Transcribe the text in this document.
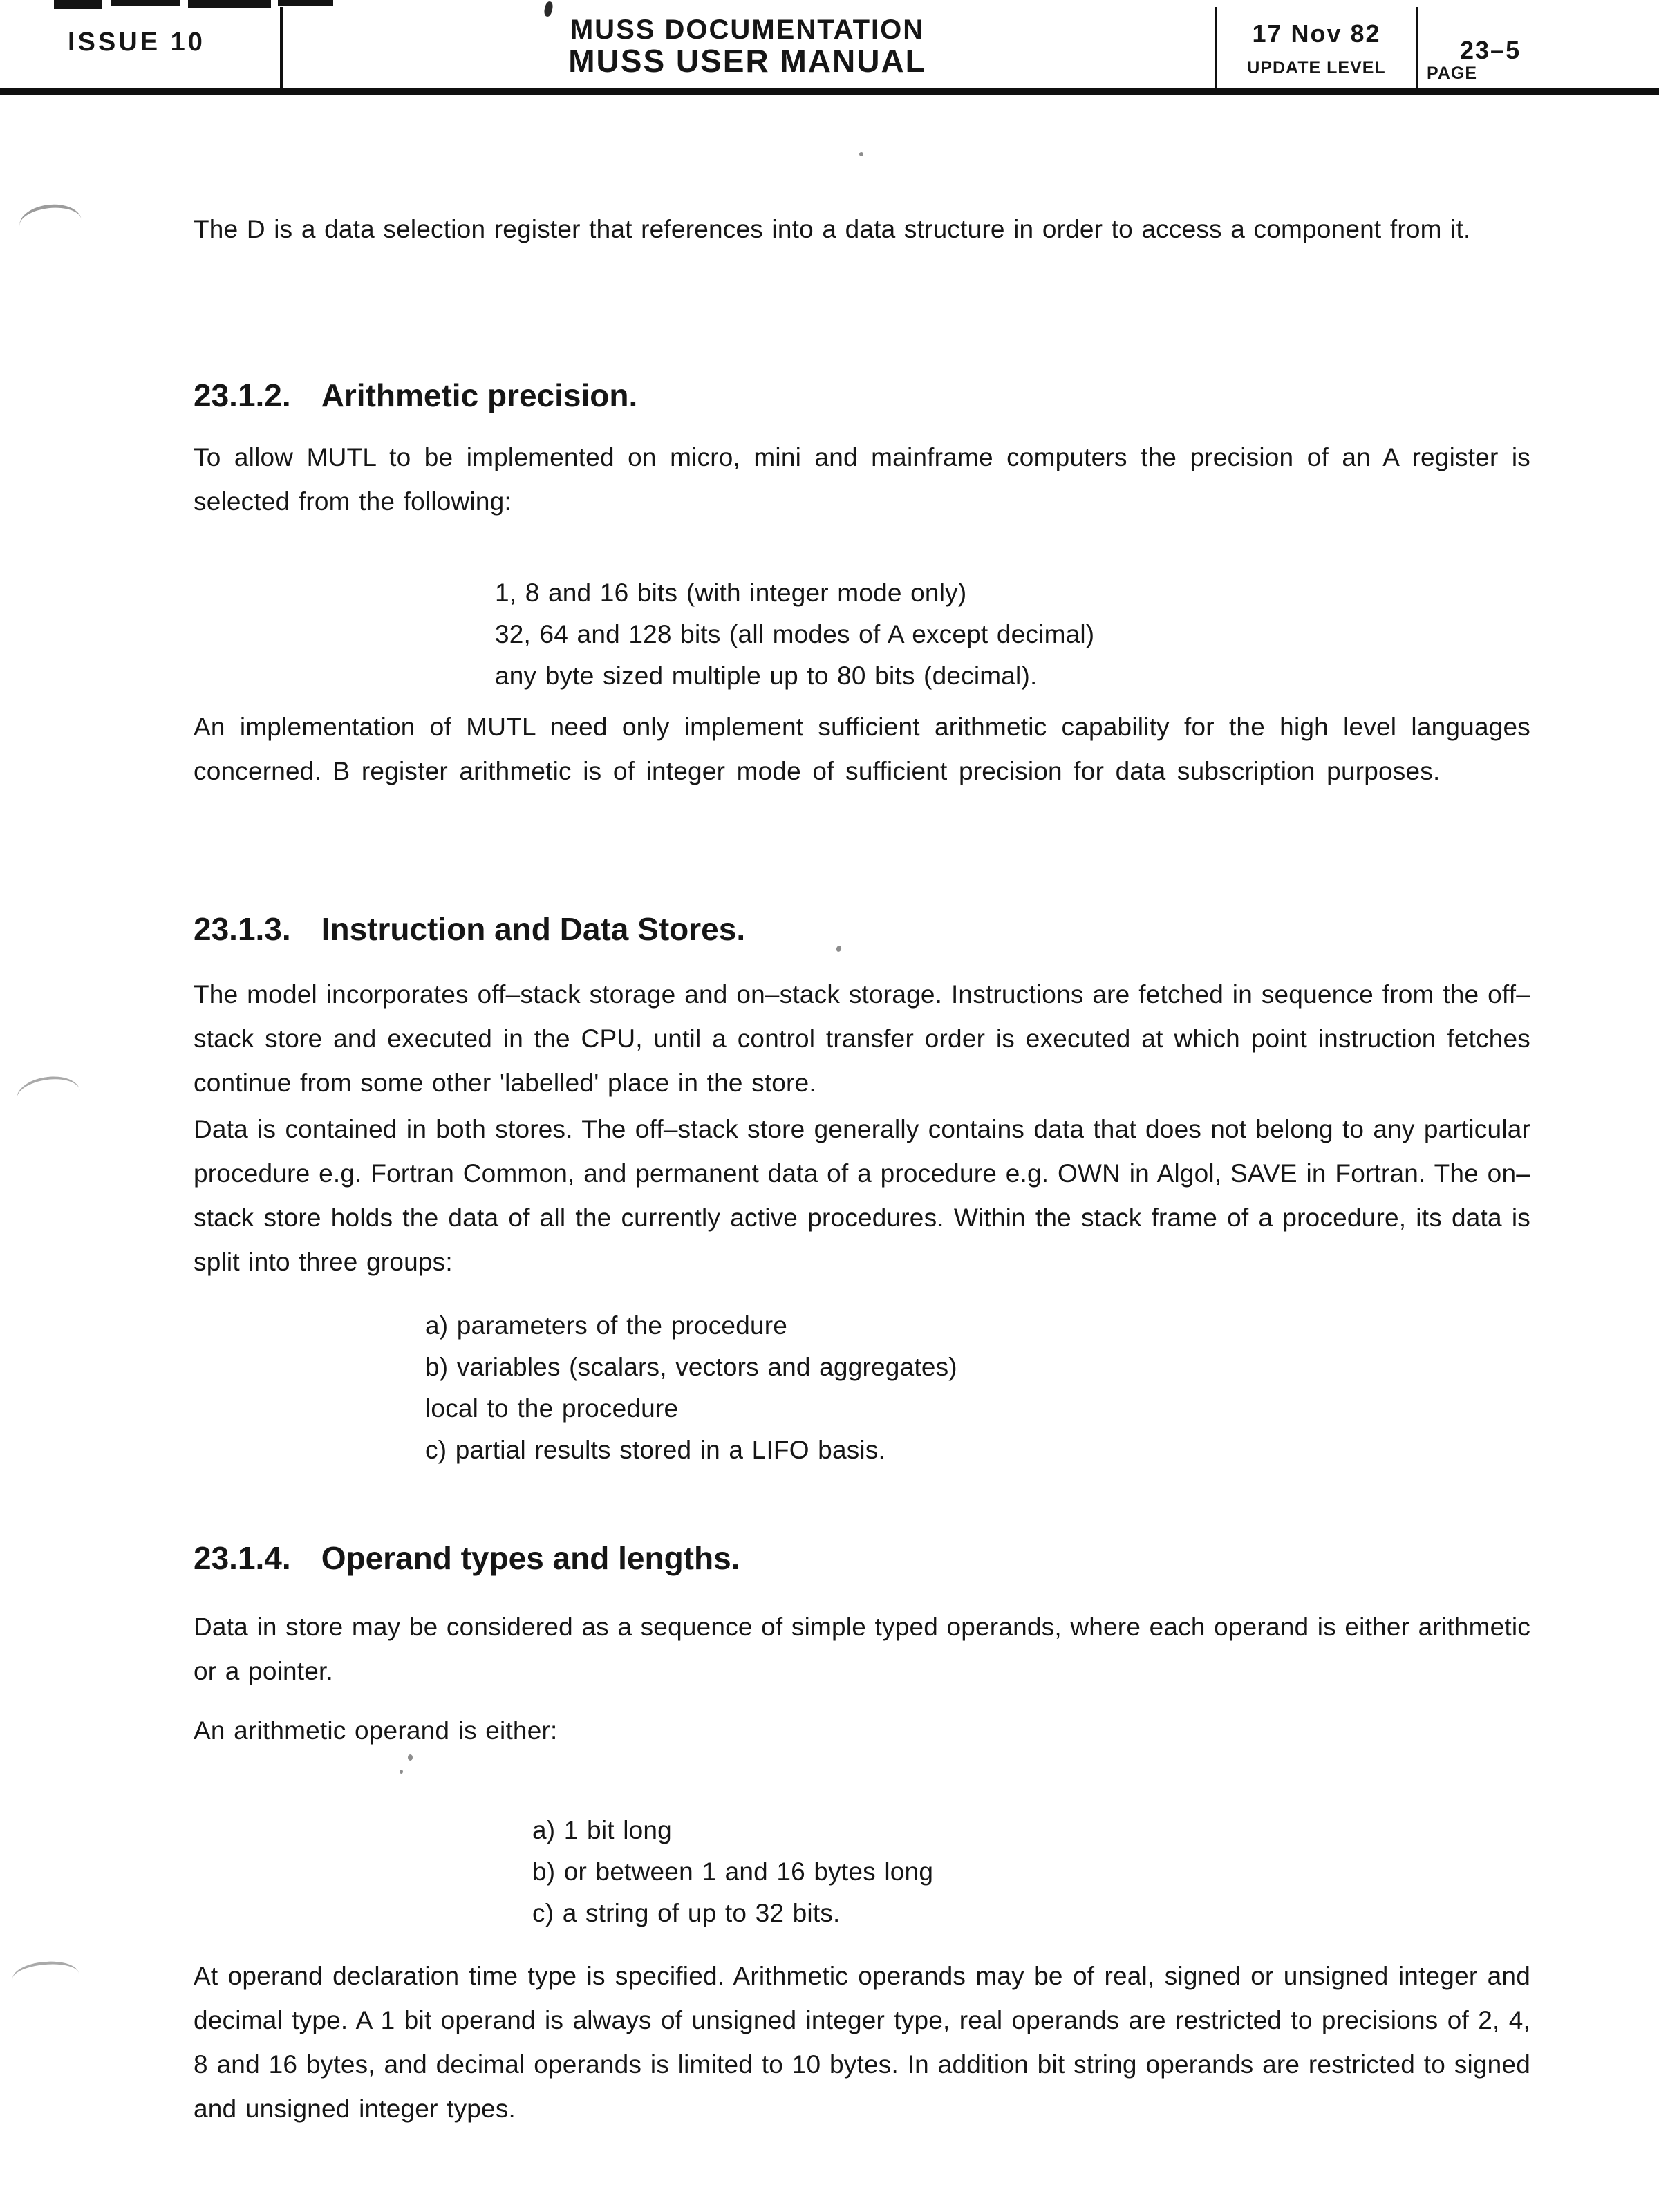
ISSUE 10	MUSS DOCUMENTATION
MUSS USER MANUAL
17 Nov 82
UPDATE LEVEL
23–5
PAGE
The D is a data selection register that references into a data structure in order to access a component from it.
23.1.2. Arithmetic precision.
To allow MUTL to be implemented on micro, mini and mainframe computers the precision of an A register is selected from the following:
1, 8 and 16 bits (with integer mode only)
32, 64 and 128 bits (all modes of A except decimal)
any byte sized multiple up to 80 bits (decimal).
An implementation of MUTL need only implement sufficient arithmetic capability for the high level languages concerned. B register arithmetic is of integer mode of sufficient precision for data subscription purposes.
23.1.3. Instruction and Data Stores.
The model incorporates off–stack storage and on–stack storage. Instructions are fetched in sequence from the off–stack store and executed in the CPU, until a control transfer order is executed at which point instruction fetches continue from some other 'labelled' place in the store.
Data is contained in both stores. The off–stack store generally contains data that does not belong to any particular procedure e.g. Fortran Common, and permanent data of a procedure e.g. OWN in Algol, SAVE in Fortran. The on–stack store holds the data of all the currently active procedures. Within the stack frame of a procedure, its data is split into three groups:
a) parameters of the procedure
b) variables (scalars, vectors and aggregates)
local to the procedure
c) partial results stored in a LIFO basis.
23.1.4. Operand types and lengths.
Data in store may be considered as a sequence of simple typed operands, where each operand is either arithmetic or a pointer.
An arithmetic operand is either:
a) 1 bit long
b) or between 1 and 16 bytes long
c) a string of up to 32 bits.
At operand declaration time type is specified. Arithmetic operands may be of real, signed or unsigned integer and decimal type. A 1 bit operand is always of unsigned integer type, real operands are restricted to precisions of 2, 4, 8 and 16 bytes, and decimal operands is limited to 10 bytes. In addition bit string operands are restricted to signed and unsigned integer types.
